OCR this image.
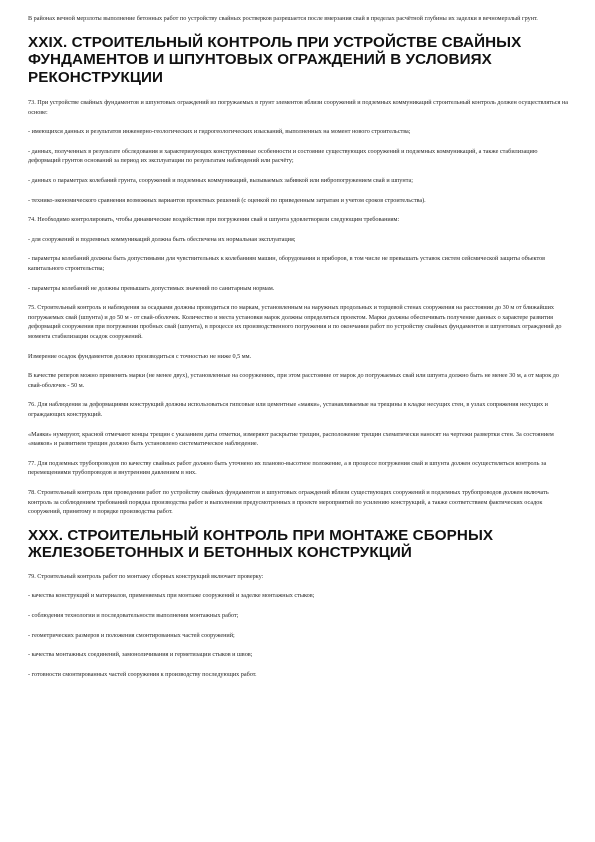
В районах вечной мерзлоты выполнение бетонных работ по устройству свайных ростверков разрешается после вмерзания свай в пределах расчётной глубины их заделки в вечномерзлый грунт.

XXIX. СТРОИТЕЛЬНЫЙ КОНТРОЛЬ ПРИ УСТРОЙСТВЕ СВАЙНЫХ ФУНДАМЕНТОВ И ШПУНТОВЫХ ОГРАЖДЕНИЙ В УСЛОВИЯХ РЕКОНСТРУКЦИИ

73. При устройстве свайных фундаментов и шпунтовых ограждений из погружаемых в грунт элементов вблизи сооружений и подземных коммуникаций строительный контроль должен осуществляться на основе:

- имеющихся данных и результатов инженерно-геологических и гидрогеологических изысканий, выполненных на момент нового строительства;

- данных, полученных в результате обследования и характеризующих конструктивные особенности и состояние существующих сооружений и подземных коммуникаций, а также стабилизацию деформаций грунтов оснований за период их эксплуатации по результатам наблюдений или расчёту;

- данных о параметрах колебаний грунта, сооружений и подземных коммуникаций, вызываемых забивкой или вибропогружением свай и шпунта;

- технико-экономического сравнения возможных вариантов проектных решений (с оценкой по приведенным затратам и учетом сроков строительства).

74. Необходимо контролировать, чтобы динамические воздействия при погружении свай и шпунта удовлетворяли следующим требованиям:

- для сооружений и подземных коммуникаций должна быть обеспечена их нормальная эксплуатация;

- параметры колебаний должны быть допустимыми для чувствительных к колебаниям машин, оборудования и приборов, в том числе не превышать уставок систем сейсмической защиты объектов капитального строительства;

- параметры колебаний не должны превышать допустимых значений по санитарным нормам.

75. Строительный контроль и наблюдения за осадками должны проводиться по маркам, установленным на наружных продольных и торцевой стенах сооружения на расстоянии до 30 м от ближайших погружаемых свай (шпунта) и до 50 м - от свай-оболочек. Количество и места установки марок должны определяться проектом. Марки должны обеспечивать получение данных о характере развития деформаций сооружения при погружении пробных свай (шпунта), в процессе их производственного погружения и по окончании работ по устройству свайных фундаментов и шпунтовых ограждений до момента стабилизации осадок сооружений.

Измерение осадок фундаментов должно производиться с точностью не ниже 0,5 мм.

В качестве реперов можно применять марки (не менее двух), установленные на сооружениях, при этом расстояние от марок до погружаемых свай или шпунта должно быть не менее 30 м, а от марок до свай-оболочек - 50 м.

76. Для наблюдения за деформациями конструкций должны использоваться гипсовые или цементные «маяки», устанавливаемые на трещины в кладке несущих стен, в узлах сопряжения несущих и ограждающих конструкций.

«Маяки» нумеруют, красной отмечают концы трещин с указанием даты отметки, измеряют раскрытие трещин, расположение трещин схематически наносят на чертежи развертки стен. За состоянием «маяков» и развитием трещин должно быть установлено систематическое наблюдение.

77. Для подземных трубопроводов по качеству свайных работ должно быть уточнено их планово-высотное положение, а в процессе погружения свай и шпунта должен осуществляться контроль за перемещениями трубопроводов и внутренним давлением в них.

78. Строительный контроль при проведении работ по устройству свайных фундаментов и шпунтовых ограждений вблизи существующих сооружений и подземных трубопроводов должен включать контроль за соблюдением требований порядка производства работ и выполнения предусмотренных в проекте мероприятий по усилению конструкций, а также соответствием фактических осадок сооружений, принятому в порядке производства работ.

XXX. СТРОИТЕЛЬНЫЙ КОНТРОЛЬ ПРИ МОНТАЖЕ СБОРНЫХ ЖЕЛЕЗОБЕТОННЫХ И БЕТОННЫХ КОНСТРУКЦИЙ

79. Строительный контроль работ по монтажу сборных конструкций включает проверку:

- качества конструкций и материалов, применяемых при монтаже сооружений и заделке монтажных стыков;

- соблюдения технологии и последовательности выполнения монтажных работ;

- геометрических размеров и положения смонтированных частей сооружений;

- качества монтажных соединений, замоноличивания и герметизации стыков и швов;

- готовности смонтированных частей сооружения к производству последующих работ.
